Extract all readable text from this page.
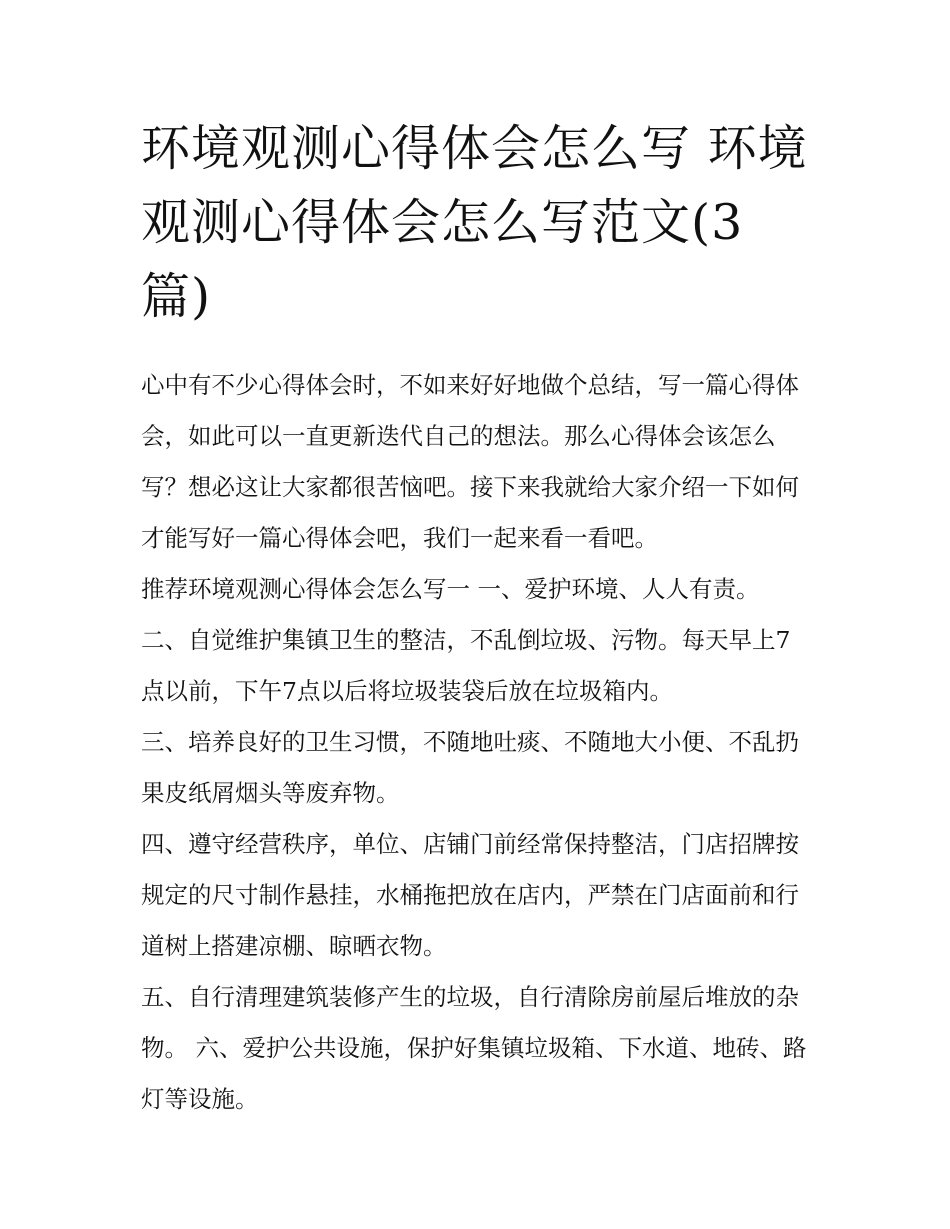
环境观测心得体会怎么写 环境观测心得体会怎么写范文(3篇)

心中有不少心得体会时，不如来好好地做个总结，写一篇心得体会，如此可以一直更新迭代自己的想法。那么心得体会该怎么写？想必这让大家都很苦恼吧。接下来我就给大家介绍一下如何才能写好一篇心得体会吧，我们一起来看一看吧。

推荐环境观测心得体会怎么写一 一、爱护环境、人人有责。

二、自觉维护集镇卫生的整洁，不乱倒垃圾、污物。每天早上7点以前，下午7点以后将垃圾装袋后放在垃圾箱内。

三、培养良好的卫生习惯，不随地吐痰、不随地大小便、不乱扔果皮纸屑烟头等废弃物。

四、遵守经营秩序，单位、店铺门前经常保持整洁，门店招牌按规定的尺寸制作悬挂，水桶拖把放在店内，严禁在门店面前和行道树上搭建凉棚、晾晒衣物。

五、自行清理建筑装修产生的垃圾，自行清除房前屋后堆放的杂物。 六、爱护公共设施，保护好集镇垃圾箱、下水道、地砖、路灯等设施。
